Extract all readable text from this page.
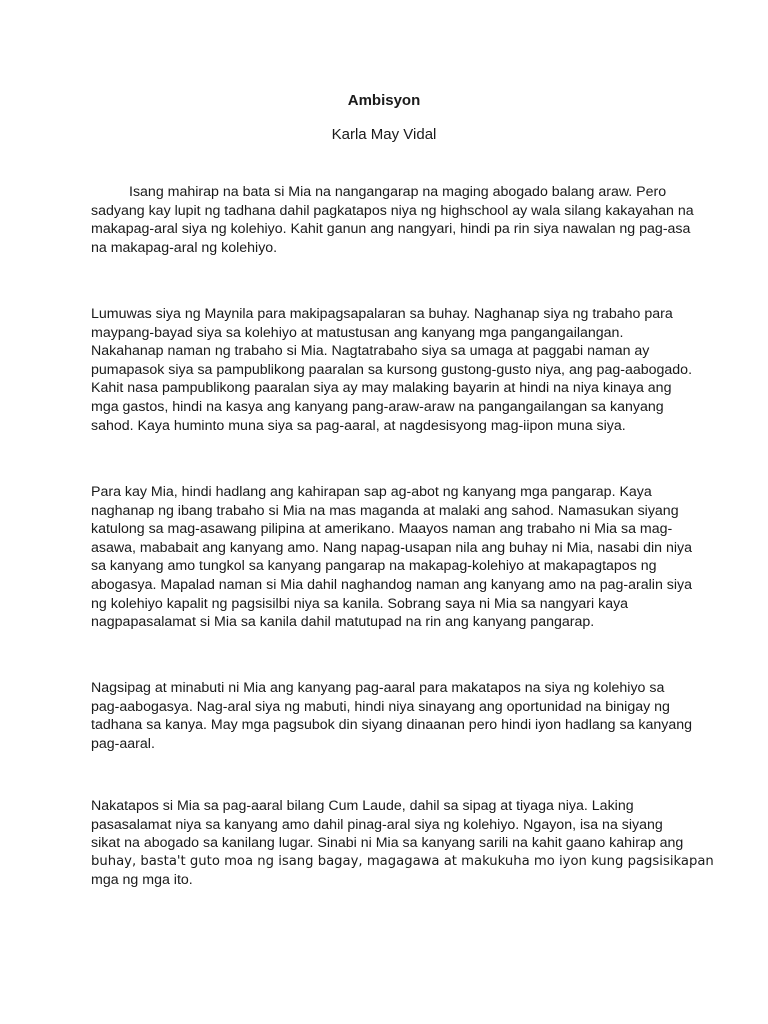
Ambisyon
Karla May Vidal

Isang mahirap na bata si Mia na nangangarap na maging abogado balang araw. Pero
sadyang kay lupit ng tadhana dahil pagkatapos niya ng highschool ay wala silang kakayahan na
makapag-aral siya ng kolehiyo. Kahit ganun ang nangyari, hindi pa rin siya nawalan ng pag-asa
na makapag-aral ng kolehiyo.

Lumuwas siya ng Maynila para makipagsapalaran sa buhay. Naghanap siya ng trabaho para
maypang-bayad siya sa kolehiyo at matustusan ang kanyang mga pangangailangan.
Nakahanap naman ng trabaho si Mia. Nagtatrabaho siya sa umaga at paggabi naman ay
pumapasok siya sa pampublikong paaralan sa kursong gustong-gusto niya, ang pag-aabogado.
Kahit nasa pampublikong paaralan siya ay may malaking bayarin at hindi na niya kinaya ang
mga gastos, hindi na kasya ang kanyang pang-araw-araw na pangangailangan sa kanyang
sahod. Kaya huminto muna siya sa pag-aaral, at nagdesisyong mag-iipon muna siya.

Para kay Mia, hindi hadlang ang kahirapan sap ag-abot ng kanyang mga pangarap. Kaya
naghanap ng ibang trabaho si Mia na mas maganda at malaki ang sahod. Namasukan siyang
katulong sa mag-asawang pilipina at amerikano. Maayos naman ang trabaho ni Mia sa mag-
asawa, mababait ang kanyang amo. Nang napag-usapan nila ang buhay ni Mia, nasabi din niya
sa kanyang amo tungkol sa kanyang pangarap na makapag-kolehiyo at makapagtapos ng
abogasya. Mapalad naman si Mia dahil naghandog naman ang kanyang amo na pag-aralin siya
ng kolehiyo kapalit ng pagsisilbi niya sa kanila. Sobrang saya ni Mia sa nangyari kaya
nagpapasalamat si Mia sa kanila dahil matutupad na rin ang kanyang pangarap.

Nagsipag at minabuti ni Mia ang kanyang pag-aaral para makatapos na siya ng kolehiyo sa
pag-aabogasya. Nag-aral siya ng mabuti, hindi niya sinayang ang oportunidad na binigay ng
tadhana sa kanya. May mga pagsubok din siyang dinaanan pero hindi iyon hadlang sa kanyang
pag-aaral.

Nakatapos si Mia sa pag-aaral bilang Cum Laude, dahil sa sipag at tiyaga niya. Laking
pasasalamat niya sa kanyang amo dahil pinag-aral siya ng kolehiyo. Ngayon, isa na siyang
sikat na abogado sa kanilang lugar. Sinabi ni Mia sa kanyang sarili na kahit gaano kahirap ang
buhay, basta't guto moa ng isang bagay, magagawa at makukuha mo iyon kung pagsisikapan
mga ng mga ito.
